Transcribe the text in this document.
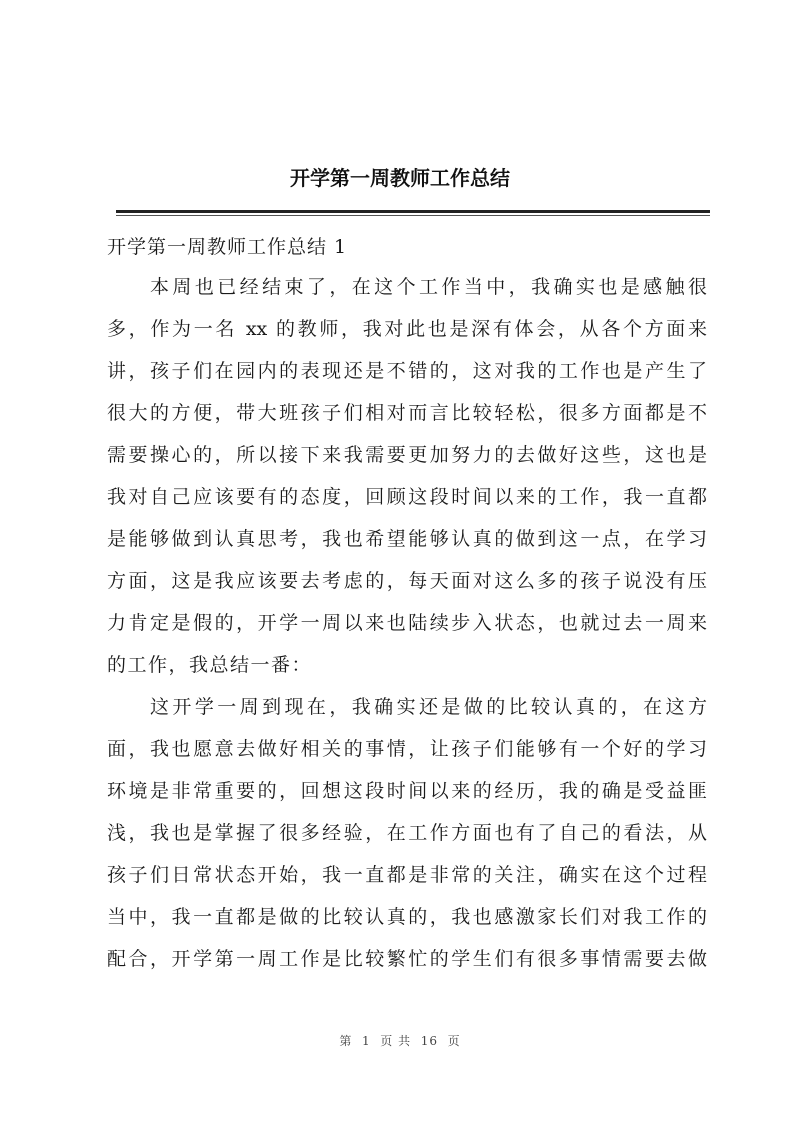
开学第一周教师工作总结
开学第一周教师工作总结 1
本周也已经结束了，在这个工作当中，我确实也是感触很
多，作为一名 xx 的教师，我对此也是深有体会，从各个方面来
讲，孩子们在园内的表现还是不错的，这对我的工作也是产生了
很大的方便，带大班孩子们相对而言比较轻松，很多方面都是不
需要操心的，所以接下来我需要更加努力的去做好这些，这也是
我对自己应该要有的态度，回顾这段时间以来的工作，我一直都
是能够做到认真思考，我也希望能够认真的做到这一点，在学习
方面，这是我应该要去考虑的，每天面对这么多的孩子说没有压
力肯定是假的，开学一周以来也陆续步入状态，也就过去一周来
的工作，我总结一番：
这开学一周到现在，我确实还是做的比较认真的，在这方
面，我也愿意去做好相关的事情，让孩子们能够有一个好的学习
环境是非常重要的，回想这段时间以来的经历，我的确是受益匪
浅，我也是掌握了很多经验，在工作方面也有了自己的看法，从
孩子们日常状态开始，我一直都是非常的关注，确实在这个过程
当中，我一直都是做的比较认真的，我也感激家长们对我工作的
配合，开学第一周工作是比较繁忙的学生们有很多事情需要去做
第  1  页 共  16  页
